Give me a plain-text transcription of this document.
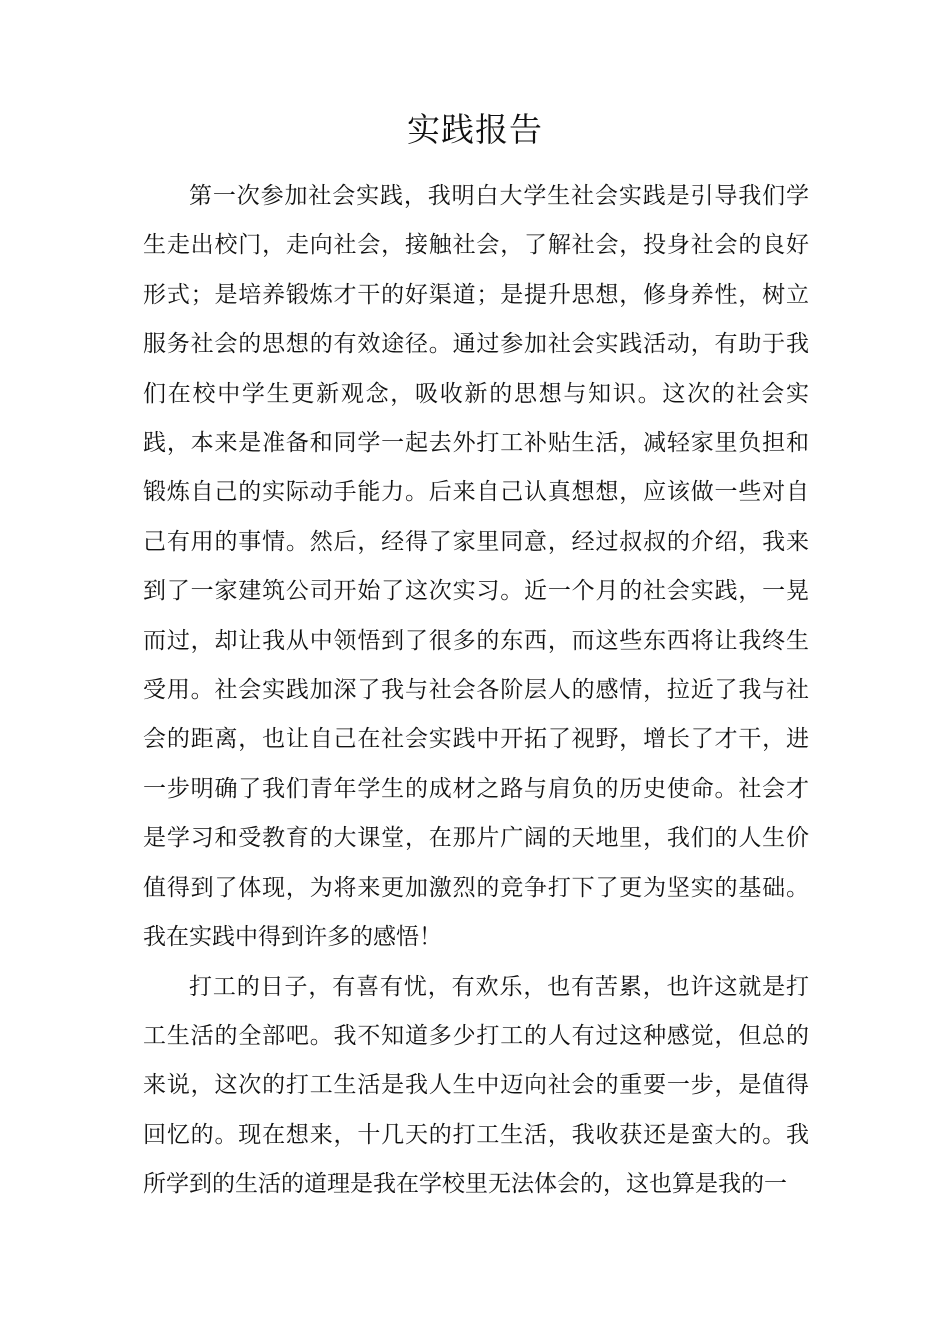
实践报告

第一次参加社会实践，我明白大学生社会实践是引导我们学生走出校门，走向社会，接触社会，了解社会，投身社会的良好形式；是培养锻炼才干的好渠道；是提升思想，修身养性，树立服务社会的思想的有效途径。通过参加社会实践活动，有助于我们在校中学生更新观念，吸收新的思想与知识。这次的社会实践，本来是准备和同学一起去外打工补贴生活，减轻家里负担和锻炼自己的实际动手能力。后来自己认真想想，应该做一些对自己有用的事情。然后，经得了家里同意，经过叔叔的介绍，我来到了一家建筑公司开始了这次实习。近一个月的社会实践，一晃而过，却让我从中领悟到了很多的东西，而这些东西将让我终生受用。社会实践加深了我与社会各阶层人的感情，拉近了我与社会的距离，也让自己在社会实践中开拓了视野，增长了才干，进一步明确了我们青年学生的成材之路与肩负的历史使命。社会才是学习和受教育的大课堂，在那片广阔的天地里，我们的人生价值得到了体现，为将来更加激烈的竞争打下了更为坚实的基础。我在实践中得到许多的感悟！

打工的日子，有喜有忧，有欢乐，也有苦累，也许这就是打工生活的全部吧。我不知道多少打工的人有过这种感觉，但总的来说，这次的打工生活是我人生中迈向社会的重要一步，是值得回忆的。现在想来，十几天的打工生活，我收获还是蛮大的。我所学到的生活的道理是我在学校里无法体会的，这也算是我的一
